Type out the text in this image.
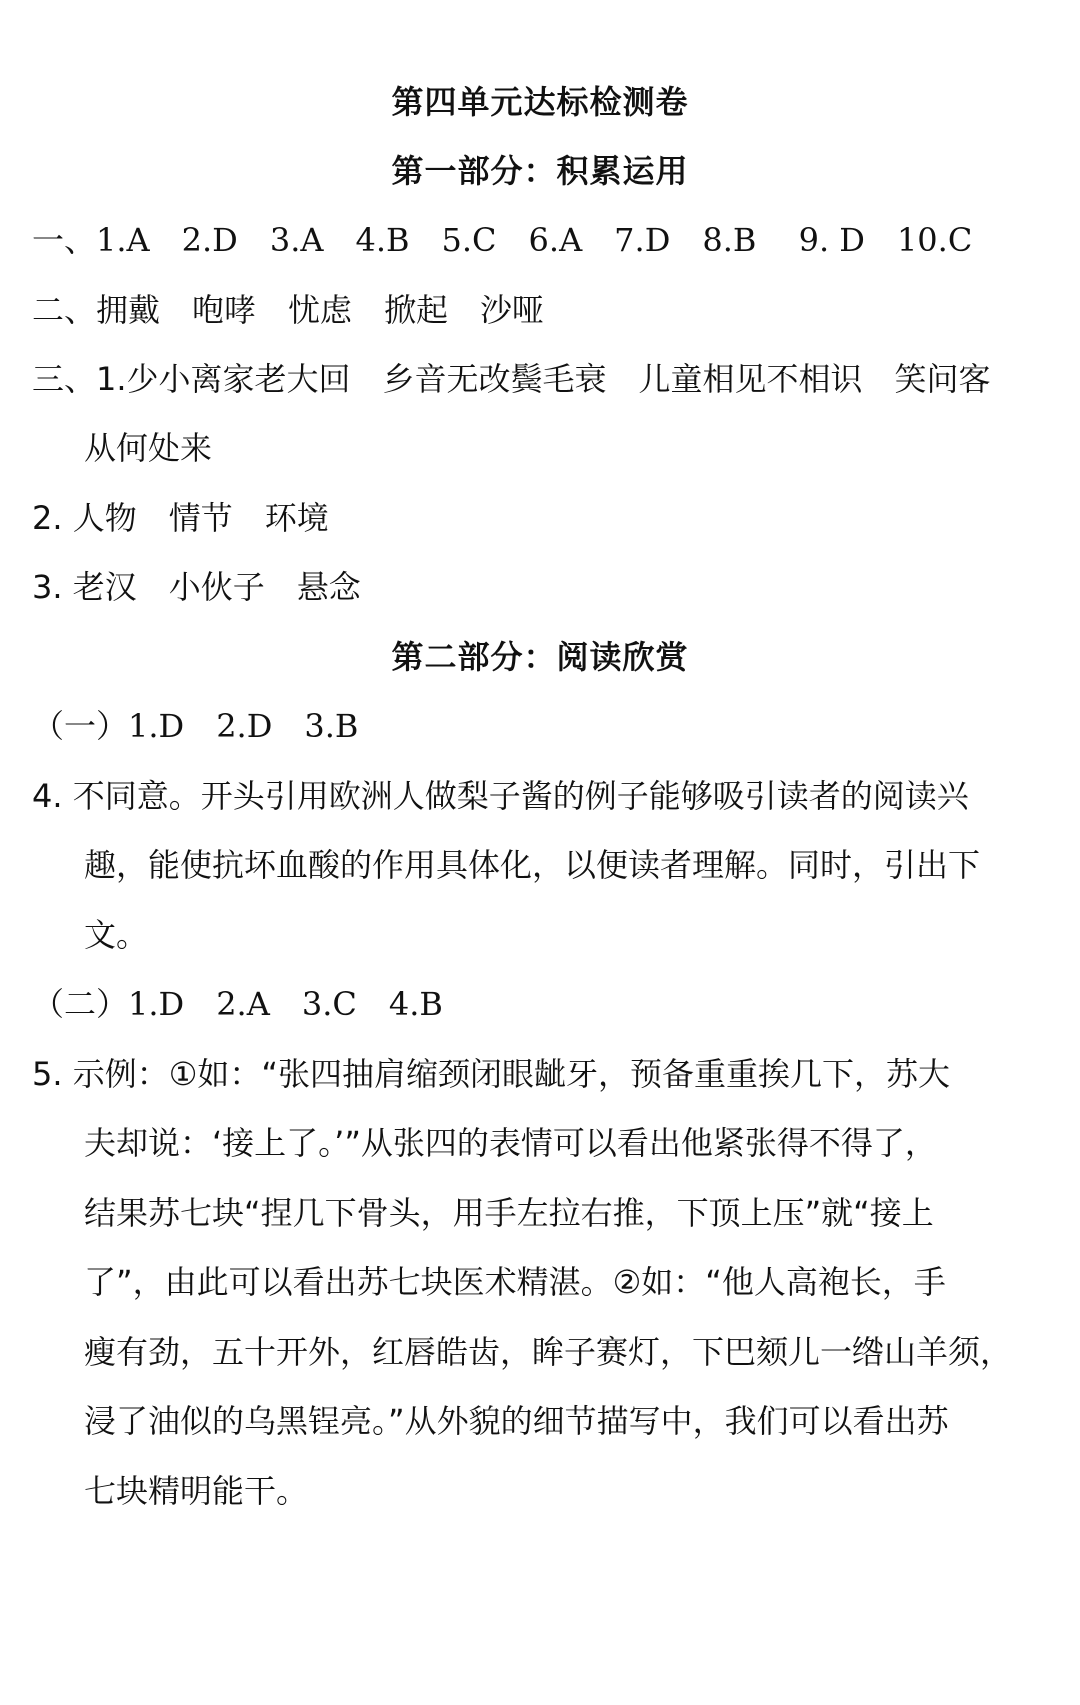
第四单元达标检测卷
第一部分：积累运用
一、1.A　2.D　3.A　4.B　5.C　6.A　7.D　8.B　 9. D　10.C
二、拥戴　咆哮　忧虑　掀起　沙哑
三、1.少小离家老大回　乡音无改鬓毛衰　儿童相见不相识　笑问客
从何处来
2. 人物　情节　环境
3. 老汉　小伙子　悬念
第二部分：阅读欣赏
（一）1.D　2.D　3.B
4. 不同意。开头引用欧洲人做梨子酱的例子能够吸引读者的阅读兴
趣，能使抗坏血酸的作用具体化，以便读者理解。同时，引出下
文。
（二）1.D　2.A　3.C　4.B
5. 示例：①如：“张四抽肩缩颈闭眼龇牙，预备重重挨几下，苏大
夫却说：‘接上了。’”从张四的表情可以看出他紧张得不得了，
结果苏七块“捏几下骨头，用手左拉右推，下顶上压”就“接上
了”，由此可以看出苏七块医术精湛。②如：“他人高袍长，手
瘦有劲，五十开外，红唇皓齿，眸子赛灯，下巴颏儿一绺山羊须，
浸了油似的乌黑锃亮。”从外貌的细节描写中，我们可以看出苏
七块精明能干。
